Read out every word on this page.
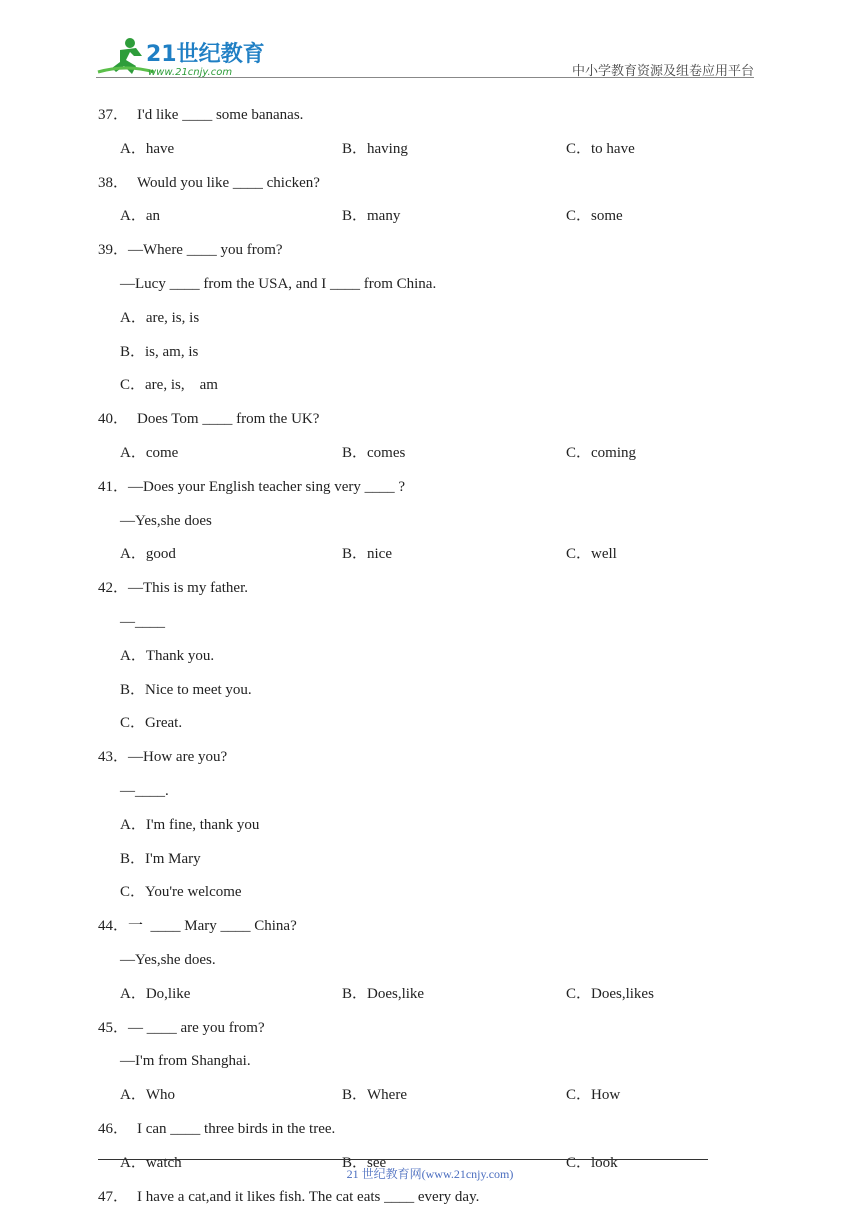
21世纪教育
www.21cnjy.com	中小学教育资源及组卷应用平台
37． I'd like ____ some bananas.
A．have	B．having	C．to have
38． Would you like ____ chicken?
A．an	B．many	C．some
39． —Where ____ you from?
—Lucy ____ from the USA, and I ____ from China.
A．are, is, is
B．is, am, is
C．are, is,    am
40． Does Tom ____ from the UK?
A．come	B．comes	C．coming
41． —Does your English teacher sing very ____ ?
—Yes,she does
A．good	B．nice	C．well
42． —This is my father.
—____
A．Thank you.
B．Nice to meet you.
C．Great.
43． —How are you?
—____.
A．I'm fine, thank you
B．I'm Mary
C．You're welcome
44． 一  ____ Mary ____ China?
—Yes,she does.
A．Do,like	B．Does,like	C．Does,likes
45． — ____ are you from?
—I'm from Shanghai.
A．Who	B．Where	C．How
46． I can ____ three birds in the tree.
A．watch	B．see	C．look
47． I have a cat,and it likes fish. The cat eats ____ every day.
21 世纪教育网(www.21cnjy.com)
